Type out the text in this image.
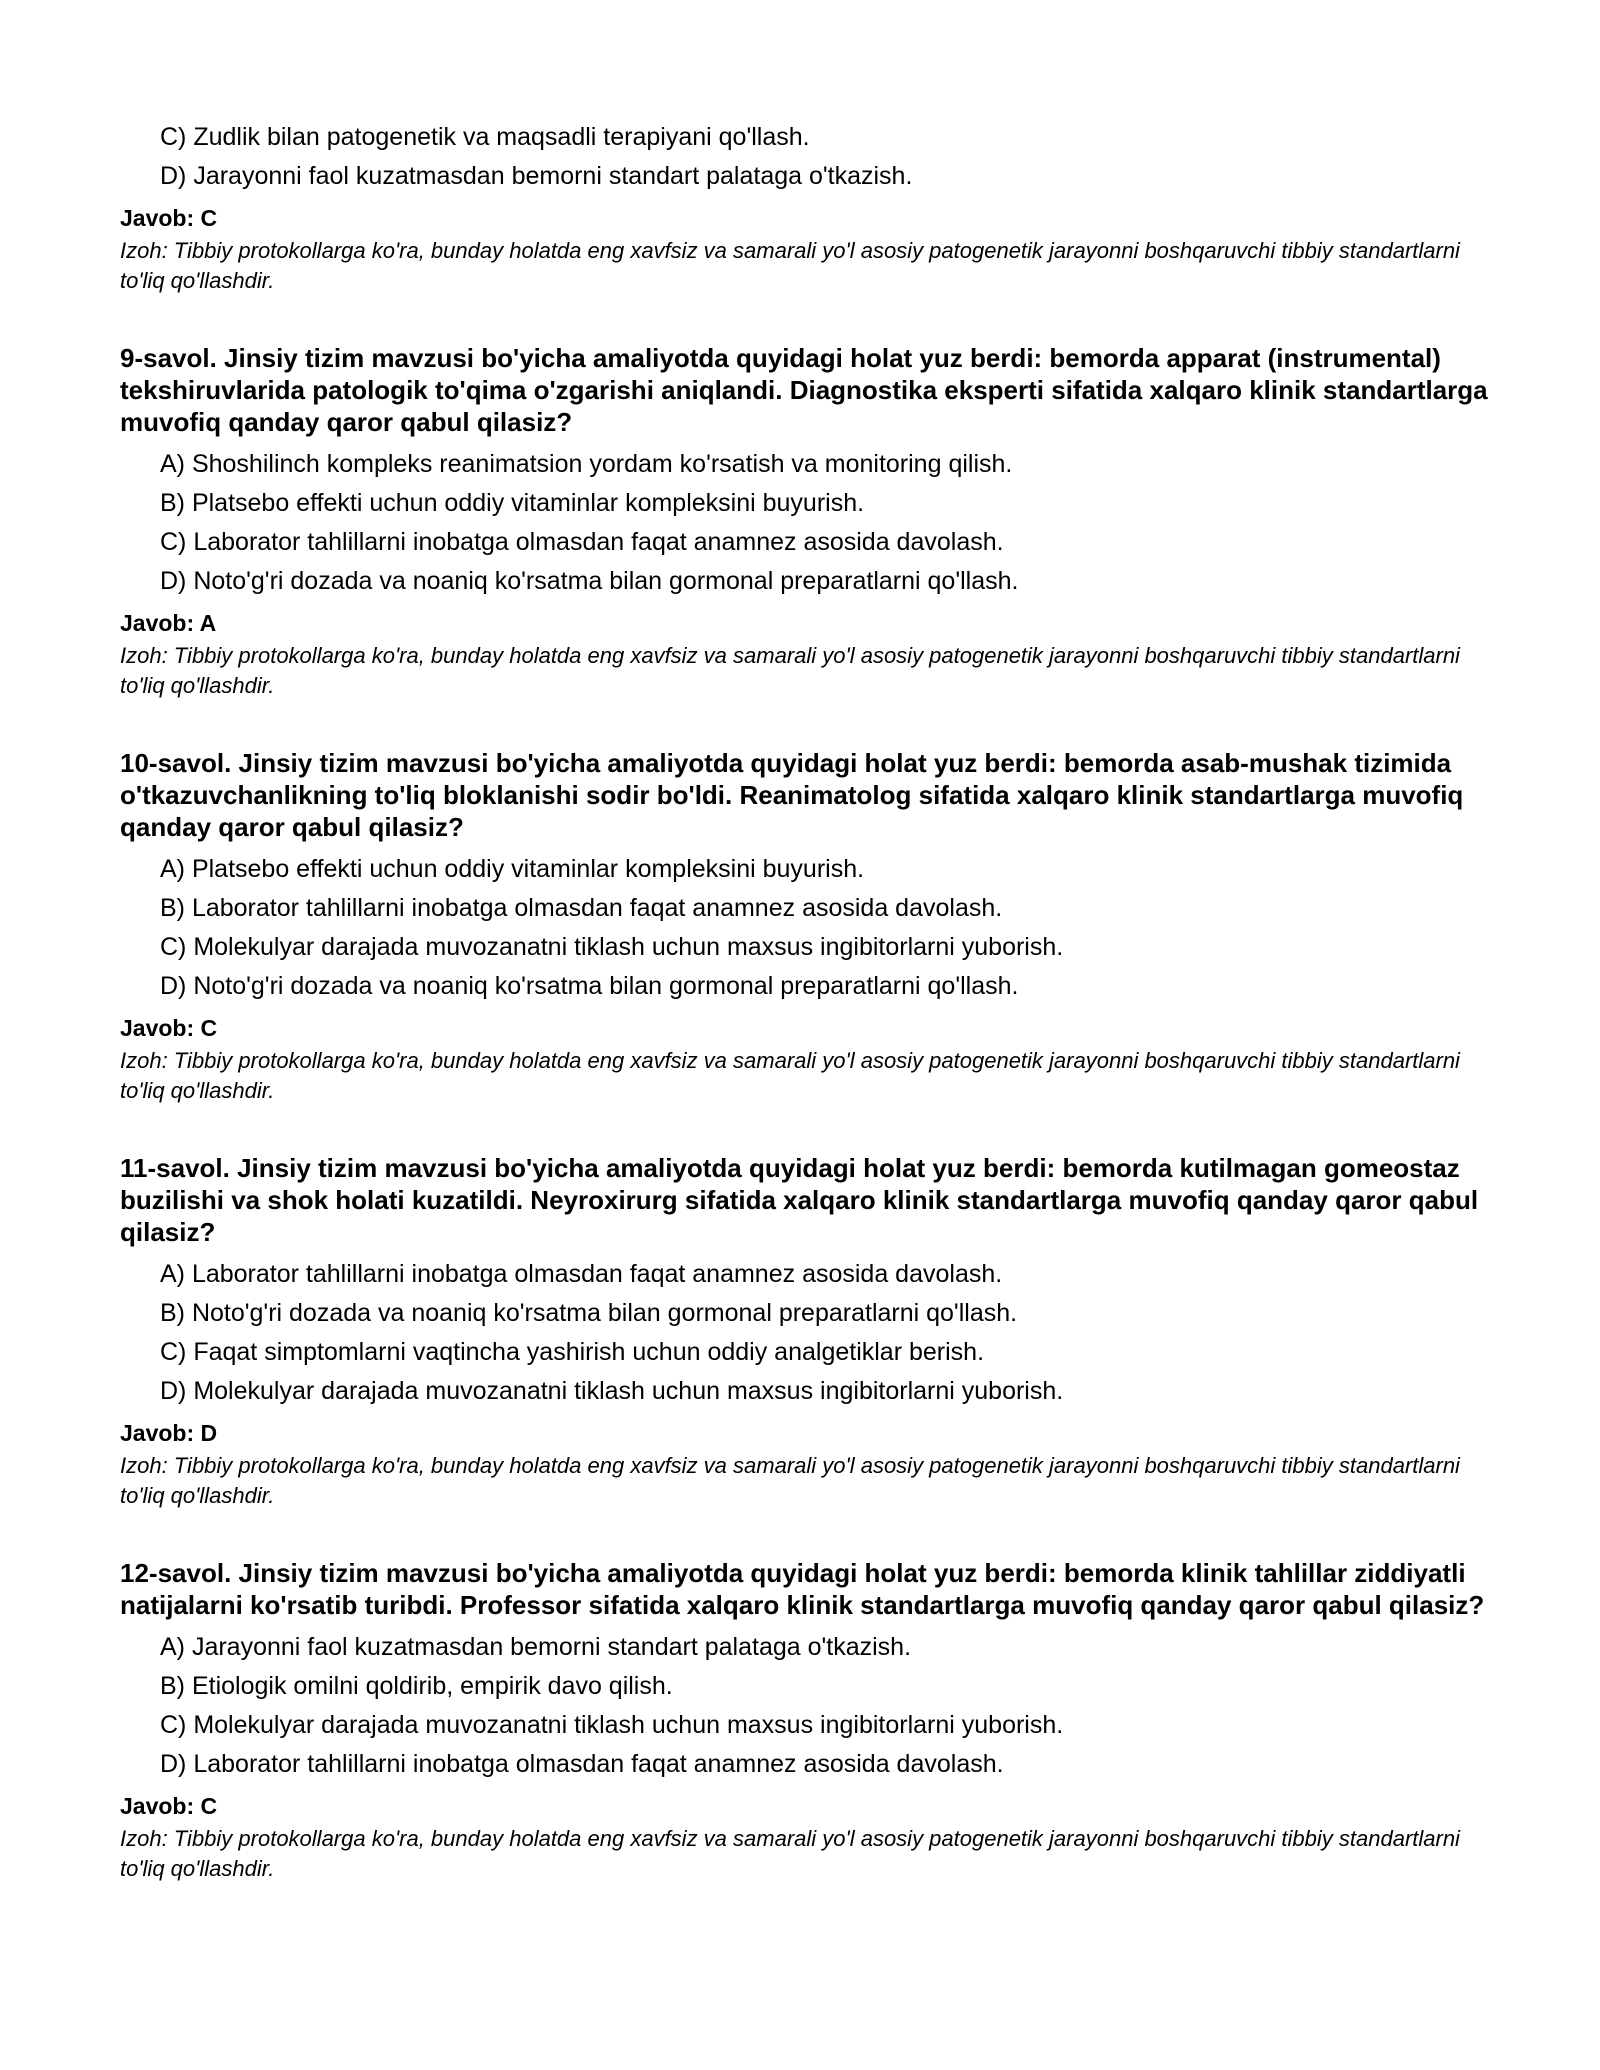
C) Zudlik bilan patogenetik va maqsadli terapiyani qo'llash.

D) Jarayonni faol kuzatmasdan bemorni standart palataga o'tkazish.

Javob: C

Izoh: Tibbiy protokollarga ko'ra, bunday holatda eng xavfsiz va samarali yo'l asosiy patogenetik jarayonni boshqaruvchi tibbiy standartlarni to'liq qo'llashdir.

9-savol. Jinsiy tizim mavzusi bo'yicha amaliyotda quyidagi holat yuz berdi: bemorda apparat (instrumental) tekshiruvlarida patologik to'qima o'zgarishi aniqlandi. Diagnostika eksperti sifatida xalqaro klinik standartlarga muvofiq qanday qaror qabul qilasiz?

A) Shoshilinch kompleks reanimatsion yordam ko'rsatish va monitoring qilish.

B) Platsebo effekti uchun oddiy vitaminlar kompleksini buyurish.

C) Laborator tahlillarni inobatga olmasdan faqat anamnez asosida davolash.

D) Noto'g'ri dozada va noaniq ko'rsatma bilan gormonal preparatlarni qo'llash.

Javob: A

Izoh: Tibbiy protokollarga ko'ra, bunday holatda eng xavfsiz va samarali yo'l asosiy patogenetik jarayonni boshqaruvchi tibbiy standartlarni to'liq qo'llashdir.

10-savol. Jinsiy tizim mavzusi bo'yicha amaliyotda quyidagi holat yuz berdi: bemorda asab-mushak tizimida o'tkazuvchanlikning to'liq bloklanishi sodir bo'ldi. Reanimatolog sifatida xalqaro klinik standartlarga muvofiq qanday qaror qabul qilasiz?

A) Platsebo effekti uchun oddiy vitaminlar kompleksini buyurish.

B) Laborator tahlillarni inobatga olmasdan faqat anamnez asosida davolash.

C) Molekulyar darajada muvozanatni tiklash uchun maxsus ingibitorlarni yuborish.

D) Noto'g'ri dozada va noaniq ko'rsatma bilan gormonal preparatlarni qo'llash.

Javob: C

Izoh: Tibbiy protokollarga ko'ra, bunday holatda eng xavfsiz va samarali yo'l asosiy patogenetik jarayonni boshqaruvchi tibbiy standartlarni to'liq qo'llashdir.

11-savol. Jinsiy tizim mavzusi bo'yicha amaliyotda quyidagi holat yuz berdi: bemorda kutilmagan gomeostaz buzilishi va shok holati kuzatildi. Neyroxirurg sifatida xalqaro klinik standartlarga muvofiq qanday qaror qabul qilasiz?

A) Laborator tahlillarni inobatga olmasdan faqat anamnez asosida davolash.

B) Noto'g'ri dozada va noaniq ko'rsatma bilan gormonal preparatlarni qo'llash.

C) Faqat simptomlarni vaqtincha yashirish uchun oddiy analgetiklar berish.

D) Molekulyar darajada muvozanatni tiklash uchun maxsus ingibitorlarni yuborish.

Javob: D

Izoh: Tibbiy protokollarga ko'ra, bunday holatda eng xavfsiz va samarali yo'l asosiy patogenetik jarayonni boshqaruvchi tibbiy standartlarni to'liq qo'llashdir.

12-savol. Jinsiy tizim mavzusi bo'yicha amaliyotda quyidagi holat yuz berdi: bemorda klinik tahlillar ziddiyatli natijalarni ko'rsatib turibdi. Professor sifatida xalqaro klinik standartlarga muvofiq qanday qaror qabul qilasiz?

A) Jarayonni faol kuzatmasdan bemorni standart palataga o'tkazish.

B) Etiologik omilni qoldirib, empirik davo qilish.

C) Molekulyar darajada muvozanatni tiklash uchun maxsus ingibitorlarni yuborish.

D) Laborator tahlillarni inobatga olmasdan faqat anamnez asosida davolash.

Javob: C

Izoh: Tibbiy protokollarga ko'ra, bunday holatda eng xavfsiz va samarali yo'l asosiy patogenetik jarayonni boshqaruvchi tibbiy standartlarni to'liq qo'llashdir.
